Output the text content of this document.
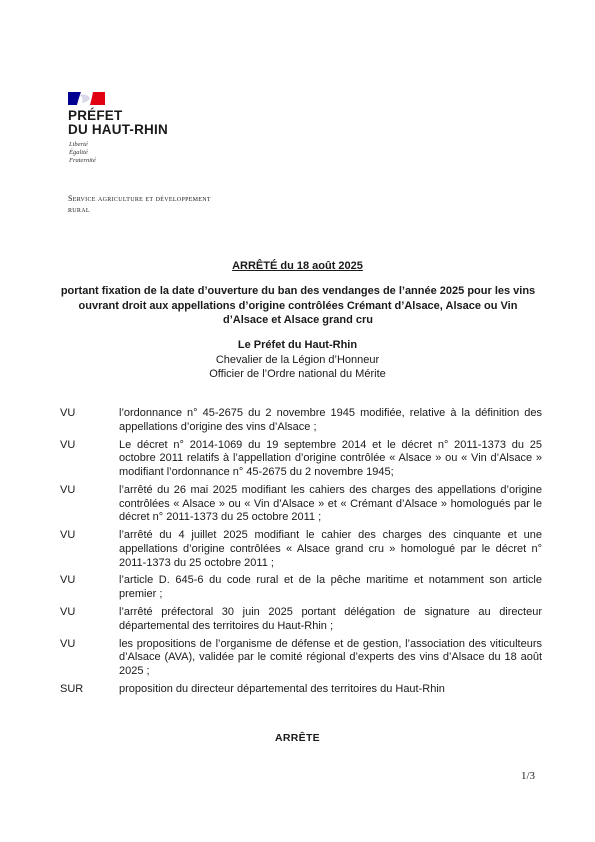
PRÉFET
DU HAUT-RHIN
Liberté
Égalité
Fraternité
Service agriculture et développement
rural
ARRÊTÉ du 18 août 2025
portant fixation de la date d’ouverture du ban des vendanges de l’année 2025 pour les vins ouvrant droit aux appellations d’origine contrôlées Crémant d’Alsace, Alsace ou Vin d’Alsace et Alsace grand cru
Le Préfet du Haut-Rhin
Chevalier de la Légion d’Honneur
Officier de l’Ordre national du Mérite
VU	l’ordonnance n° 45-2675 du 2 novembre 1945 modifiée, relative à la définition des appellations d’origine des vins d’Alsace ;
VU	Le décret n° 2014-1069 du 19 septembre 2014 et le décret n° 2011-1373 du 25 octobre 2011 relatifs à l’appellation d’origine contrôlée « Alsace » ou « Vin d’Alsace » modifiant l’ordonnance n° 45-2675 du 2 novembre 1945;
VU	l’arrêté du 26 mai 2025 modifiant les cahiers des charges des appellations d’origine contrôlées « Alsace » ou « Vin d’Alsace » et « Crémant d’Alsace » homologués par le décret n° 2011-1373 du 25 octobre 2011 ;
VU	l’arrêté du 4 juillet 2025 modifiant le cahier des charges des cinquante et une appellations d’origine contrôlées « Alsace grand cru » homologué par le décret n° 2011-1373 du 25 octobre 2011 ;
VU	l’article D. 645-6 du code rural et de la pêche maritime et notamment son article premier ;
VU	l’arrêté préfectoral 30 juin 2025 portant délégation de signature au directeur départemental des territoires du Haut-Rhin ;
VU	les propositions de l’organisme de défense et de gestion, l’association des viticulteurs d’Alsace (AVA), validée par le comité régional d’experts des vins d’Alsace du 18 août 2025 ;
SUR	proposition du directeur départemental des territoires du Haut-Rhin
ARRÊTE
1/3
